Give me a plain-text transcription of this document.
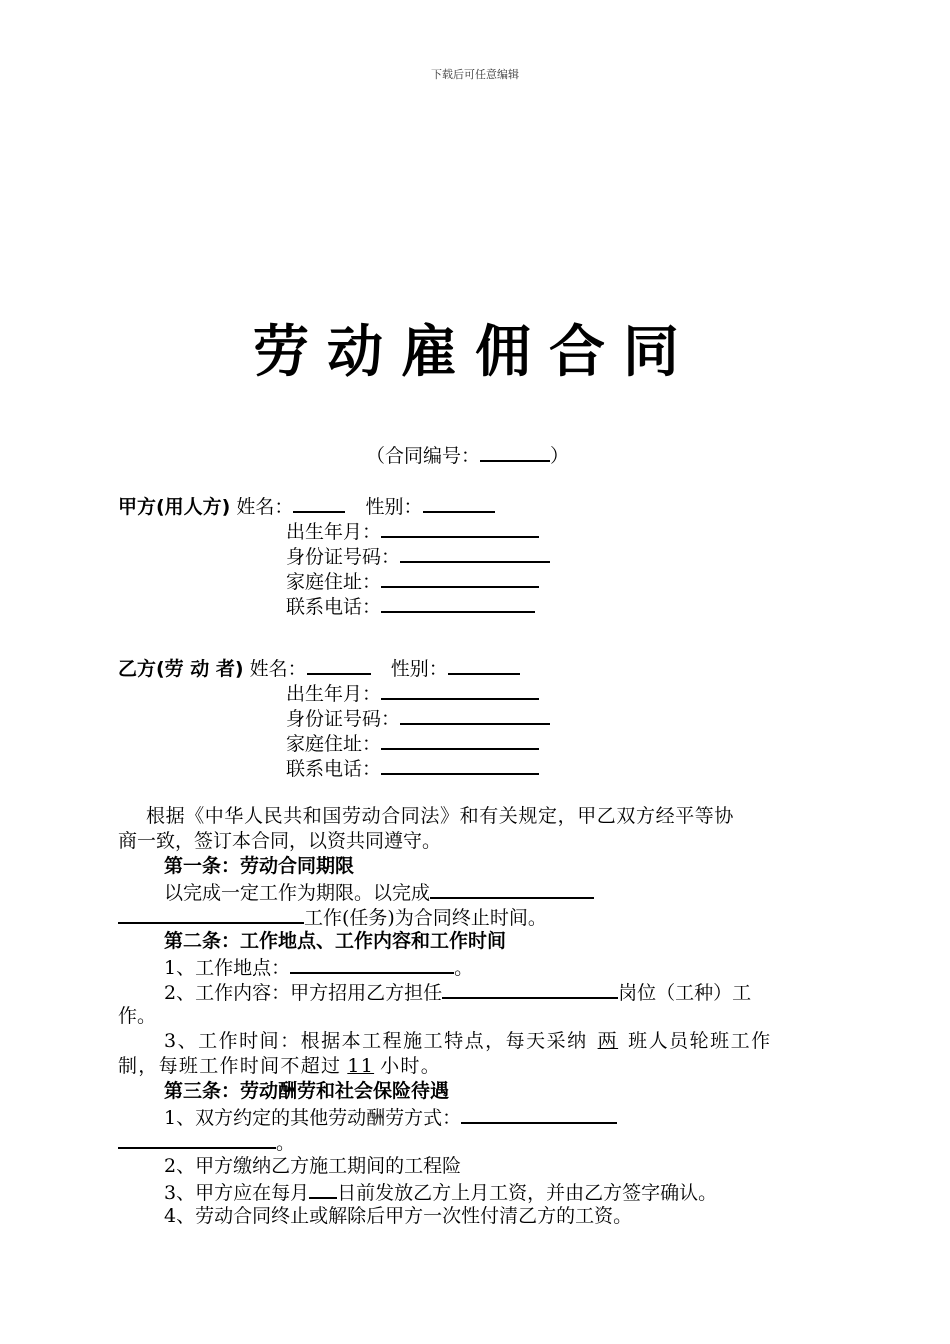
下载后可任意编辑
劳动雇佣合同
（合同编号：	）
甲方(用人方) 姓名：	性别：
出生年月：
身份证号码：
家庭住址：
联系电话：
乙方(劳 动 者) 姓名：	性别：
出生年月：
身份证号码：
家庭住址：
联系电话：
根据《中华人民共和国劳动合同法》和有关规定，甲乙双方经平等协
商一致，签订本合同，以资共同遵守。
第一条：劳动合同期限
以完成一定工作为期限。以完成
工作(任务)为合同终止时间。
第二条：工作地点、工作内容和工作时间
1、工作地点：	。
2、工作内容：甲方招用乙方担任	岗位（工种）工
作。
3、工作时间：根据本工程施工特点，每天采纳 两 班人员轮班工作
制，每班工作时间不超过 11 小时。
第三条：劳动酬劳和社会保险待遇
1、双方约定的其他劳动酬劳方式：
。
2、甲方缴纳乙方施工期间的工程险
3、甲方应在每月 日前发放乙方上月工资，并由乙方签字确认。
4、劳动合同终止或解除后甲方一次性付清乙方的工资。
